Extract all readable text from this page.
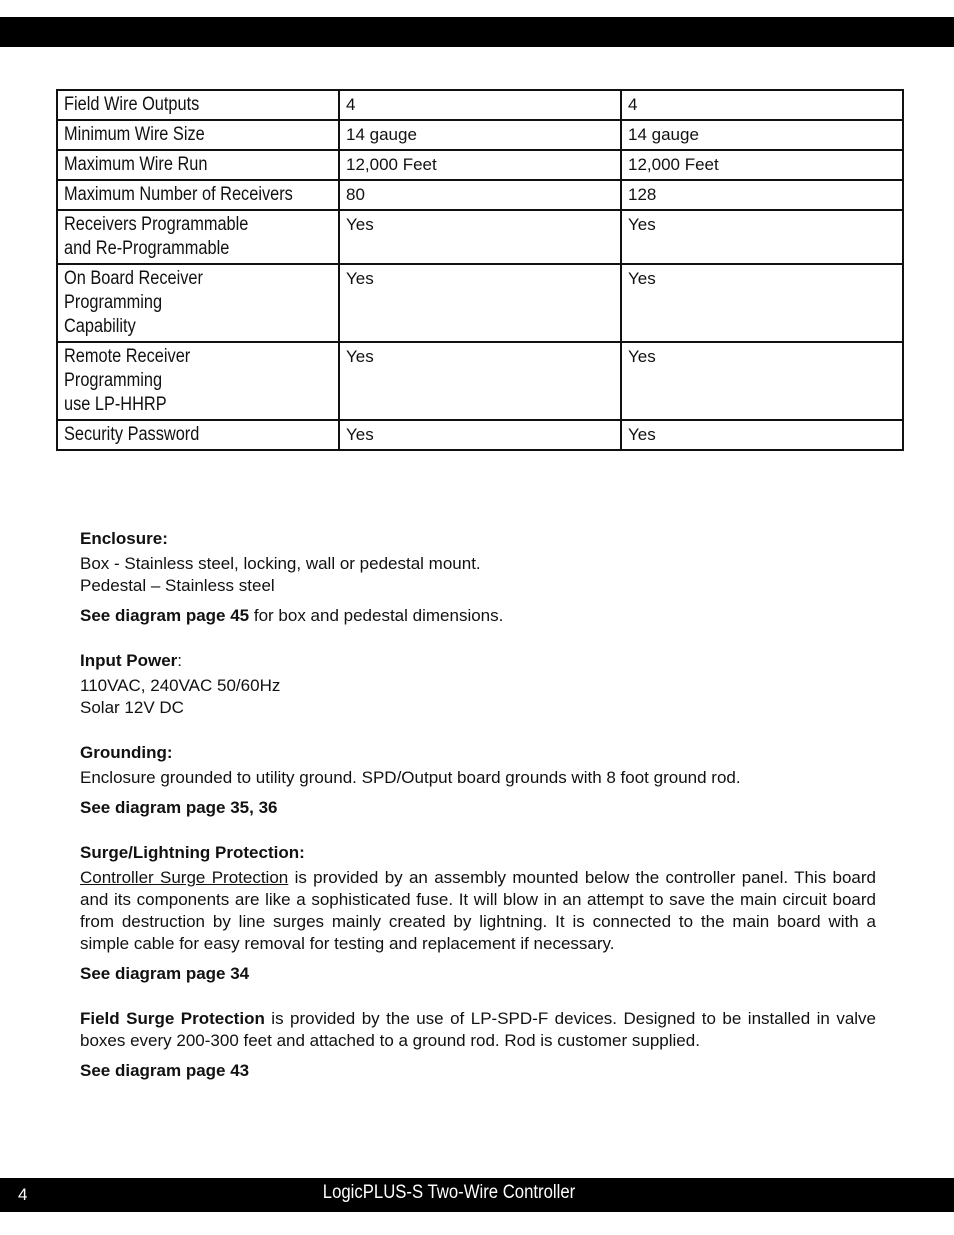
Field Wire Outputs	4	4
Minimum Wire Size	14 gauge	14 gauge
Maximum Wire Run	12,000 Feet	12,000 Feet
Maximum Number of Receivers	80	128
Receivers Programmable
and Re-Programmable	Yes	Yes
On Board Receiver
Programming
Capability	Yes	Yes
Remote Receiver
Programming
use LP-HHRP	Yes	Yes
Security Password	Yes	Yes

Enclosure:

Box - Stainless steel, locking, wall or pedestal mount.

Pedestal – Stainless steel

See diagram page 45 for box and pedestal dimensions.

Input Power:

110VAC, 240VAC 50/60Hz

Solar 12V DC

Grounding:

Enclosure grounded to utility ground. SPD/Output board grounds with 8 foot ground rod.

See diagram page 35, 36

Surge/Lightning Protection:

Controller Surge Protection is provided by an assembly mounted below the controller panel. This board and its components are like a sophisticated fuse. It will blow in an attempt to save the main circuit board from destruction by line surges mainly created by lightning. It is connected to the main board with a simple cable for easy removal for testing and replacement if necessary.

See diagram page 34

Field Surge Protection is provided by the use of LP-SPD-F devices. Designed to be installed in valve boxes every 200-300 feet and attached to a ground rod. Rod is customer supplied.

See diagram page 43

4	LogicPLUS-S Two-Wire Controller
